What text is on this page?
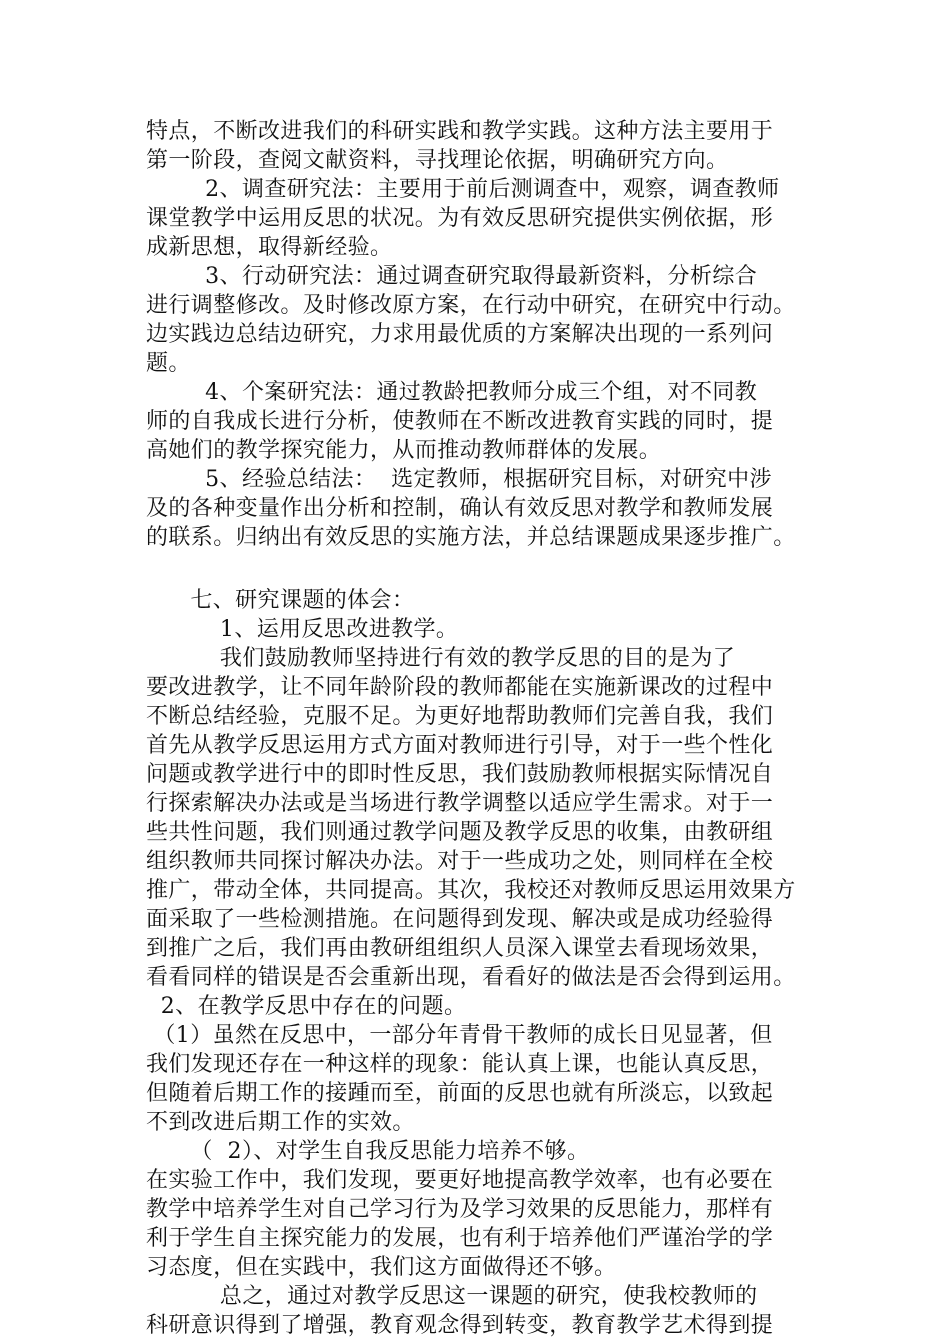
特点，不断改进我们的科研实践和教学实践。这种方法主要用于
第一阶段，查阅文献资料，寻找理论依据，明确研究方向。
2、调查研究法：主要用于前后测调查中，观察，调查教师
课堂教学中运用反思的状况。为有效反思研究提供实例依据，形
成新思想，取得新经验。
3、行动研究法：通过调查研究取得最新资料，分析综合
进行调整修改。及时修改原方案，在行动中研究，在研究中行动。
边实践边总结边研究，力求用最优质的方案解决出现的一系列问
题。
4、个案研究法：通过教龄把教师分成三个组，对不同教
师的自我成长进行分析，使教师在不断改进教育实践的同时，提
高她们的教学探究能力，从而推动教师群体的发展。
5、经验总结法：  选定教师，根据研究目标，对研究中涉
及的各种变量作出分析和控制，确认有效反思对教学和教师发展
的联系。归纳出有效反思的实施方法，并总结课题成果逐步推广。
七、研究课题的体会：
1、运用反思改进教学。
我们鼓励教师坚持进行有效的教学反思的目的是为了
要改进教学，让不同年龄阶段的教师都能在实施新课改的过程中
不断总结经验，克服不足。为更好地帮助教师们完善自我，我们
首先从教学反思运用方式方面对教师进行引导，对于一些个性化
问题或教学进行中的即时性反思，我们鼓励教师根据实际情况自
行探索解决办法或是当场进行教学调整以适应学生需求。对于一
些共性问题，我们则通过教学问题及教学反思的收集，由教研组
组织教师共同探讨解决办法。对于一些成功之处，则同样在全校
推广，带动全体，共同提高。其次，我校还对教师反思运用效果方
面采取了一些检测措施。在问题得到发现、解决或是成功经验得
到推广之后，我们再由教研组组织人员深入课堂去看现场效果，
看看同样的错误是否会重新出现，看看好的做法是否会得到运用。
2、在教学反思中存在的问题。
（1）虽然在反思中，一部分年青骨干教师的成长日见显著，但
我们发现还存在一种这样的现象：能认真上课，也能认真反思，
但随着后期工作的接踵而至，前面的反思也就有所淡忘，以致起
不到改进后期工作的实效。
（  2）、对学生自我反思能力培养不够。
在实验工作中，我们发现，要更好地提高教学效率，也有必要在
教学中培养学生对自己学习行为及学习效果的反思能力，那样有
利于学生自主探究能力的发展，也有利于培养他们严谨治学的学
习态度，但在实践中，我们这方面做得还不够。
总之，通过对教学反思这一课题的研究，使我校教师的
科研意识得到了增强，教育观念得到转变，教育教学艺术得到提
